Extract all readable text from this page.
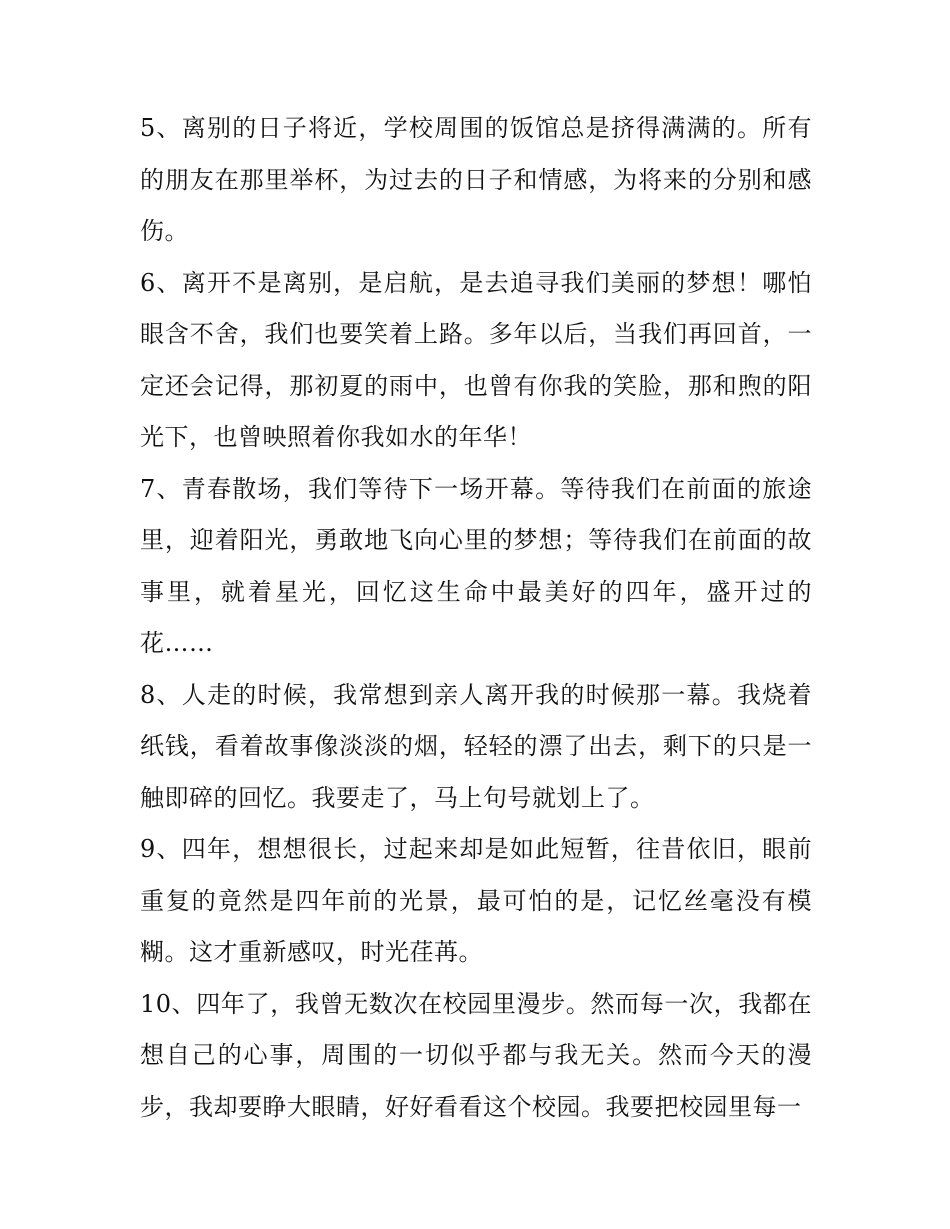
5、离别的日子将近，学校周围的饭馆总是挤得满满的。所有的朋友在那里举杯，为过去的日子和情感，为将来的分别和感伤。

6、离开不是离别，是启航，是去追寻我们美丽的梦想！哪怕眼含不舍，我们也要笑着上路。多年以后，当我们再回首，一定还会记得，那初夏的雨中，也曾有你我的笑脸，那和煦的阳光下，也曾映照着你我如水的年华！

7、青春散场，我们等待下一场开幕。等待我们在前面的旅途里，迎着阳光，勇敢地飞向心里的梦想；等待我们在前面的故事里，就着星光，回忆这生命中最美好的四年，盛开过的花……

8、人走的时候，我常想到亲人离开我的时候那一幕。我烧着纸钱，看着故事像淡淡的烟，轻轻的漂了出去，剩下的只是一触即碎的回忆。我要走了，马上句号就划上了。

9、四年，想想很长，过起来却是如此短暂，往昔依旧，眼前重复的竟然是四年前的光景，最可怕的是，记忆丝毫没有模糊。这才重新感叹，时光荏苒。

10、四年了，我曾无数次在校园里漫步。然而每一次，我都在想自己的心事，周围的一切似乎都与我无关。然而今天的漫步，我却要睁大眼睛，好好看看这个校园。我要把校园里每一
